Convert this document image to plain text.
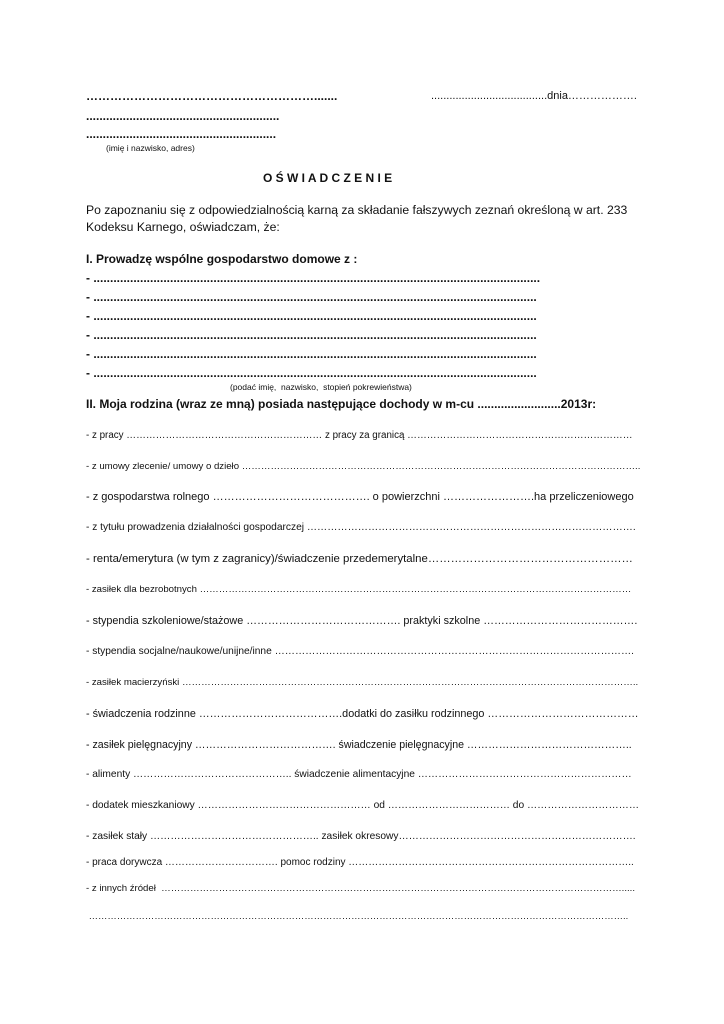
………………………………………………….......	......................................dnia……………….
..........................................................
.........................................................
(imię i nazwisko, adres)
O Ś W I A D C Z E N I E
Po zapoznaniu się z odpowiedzialnością karną za składanie fałszywych zeznań określoną w art. 233
Kodeksu Karnego, oświadczam, że:
I. Prowadzę wspólne gospodarstwo domowe z :
- ......................................................................................................................................
- .....................................................................................................................................
- .....................................................................................................................................
- .....................................................................................................................................
- .....................................................................................................................................
- .....................................................................................................................................
(podać imię,  nazwisko,  stopień pokrewieństwa)
II. Moja rodzina (wraz ze mną) posiada następujące dochody w m-cu .........................2013r:
- z pracy …………………………………………………… z pracy za granicą ……………………………………………………………
- z umowy zlecenie/ umowy o dzieło ……………………………………………………………………………………………………………..
- z gospodarstwa rolnego ……………………………………. o powierzchni …………………….ha przeliczeniowego
- z tytułu prowadzenia działalności gospodarczej …………………………………………………………………………………….
- renta/emerytura (w tym z zagranicy)/świadczenie przedemerytalne………………………………………………
- zasiłek dla bezrobotnych ………………………………………………………………………………………………………………………
- stypendia szkoleniowe/stażowe ……………………………………. praktyki szkolne …………………………………….
- stypendia socjalne/naukowe/unijne/inne …………………………………………………………………………………………….
- zasiłek macierzyński ……………………………………………………………………………………………………………………………..
- świadczenia rodzinne ………………………………….dodatki do zasiłku rodzinnego ……………………………………
- zasiłek pielęgnacyjny …………………………………. świadczenie pielęgnacyjne ………………………………………..
- alimenty ……………………………………….. świadczenie alimentacyjne ………………………………………………………
- dodatek mieszkaniowy …………………………………………… od ……………………………… do ……………………………
- zasiłek stały ………………………………………….. zasiłek okresowy…………………………………………………………….
- praca dorywcza ……………………………. pomoc rodziny …………………………………………………………………………..
- z innych źródeł  ……………………………………………………………………………………………………………………………….....
………………………………………………………………………………………………………………………………………………………..
